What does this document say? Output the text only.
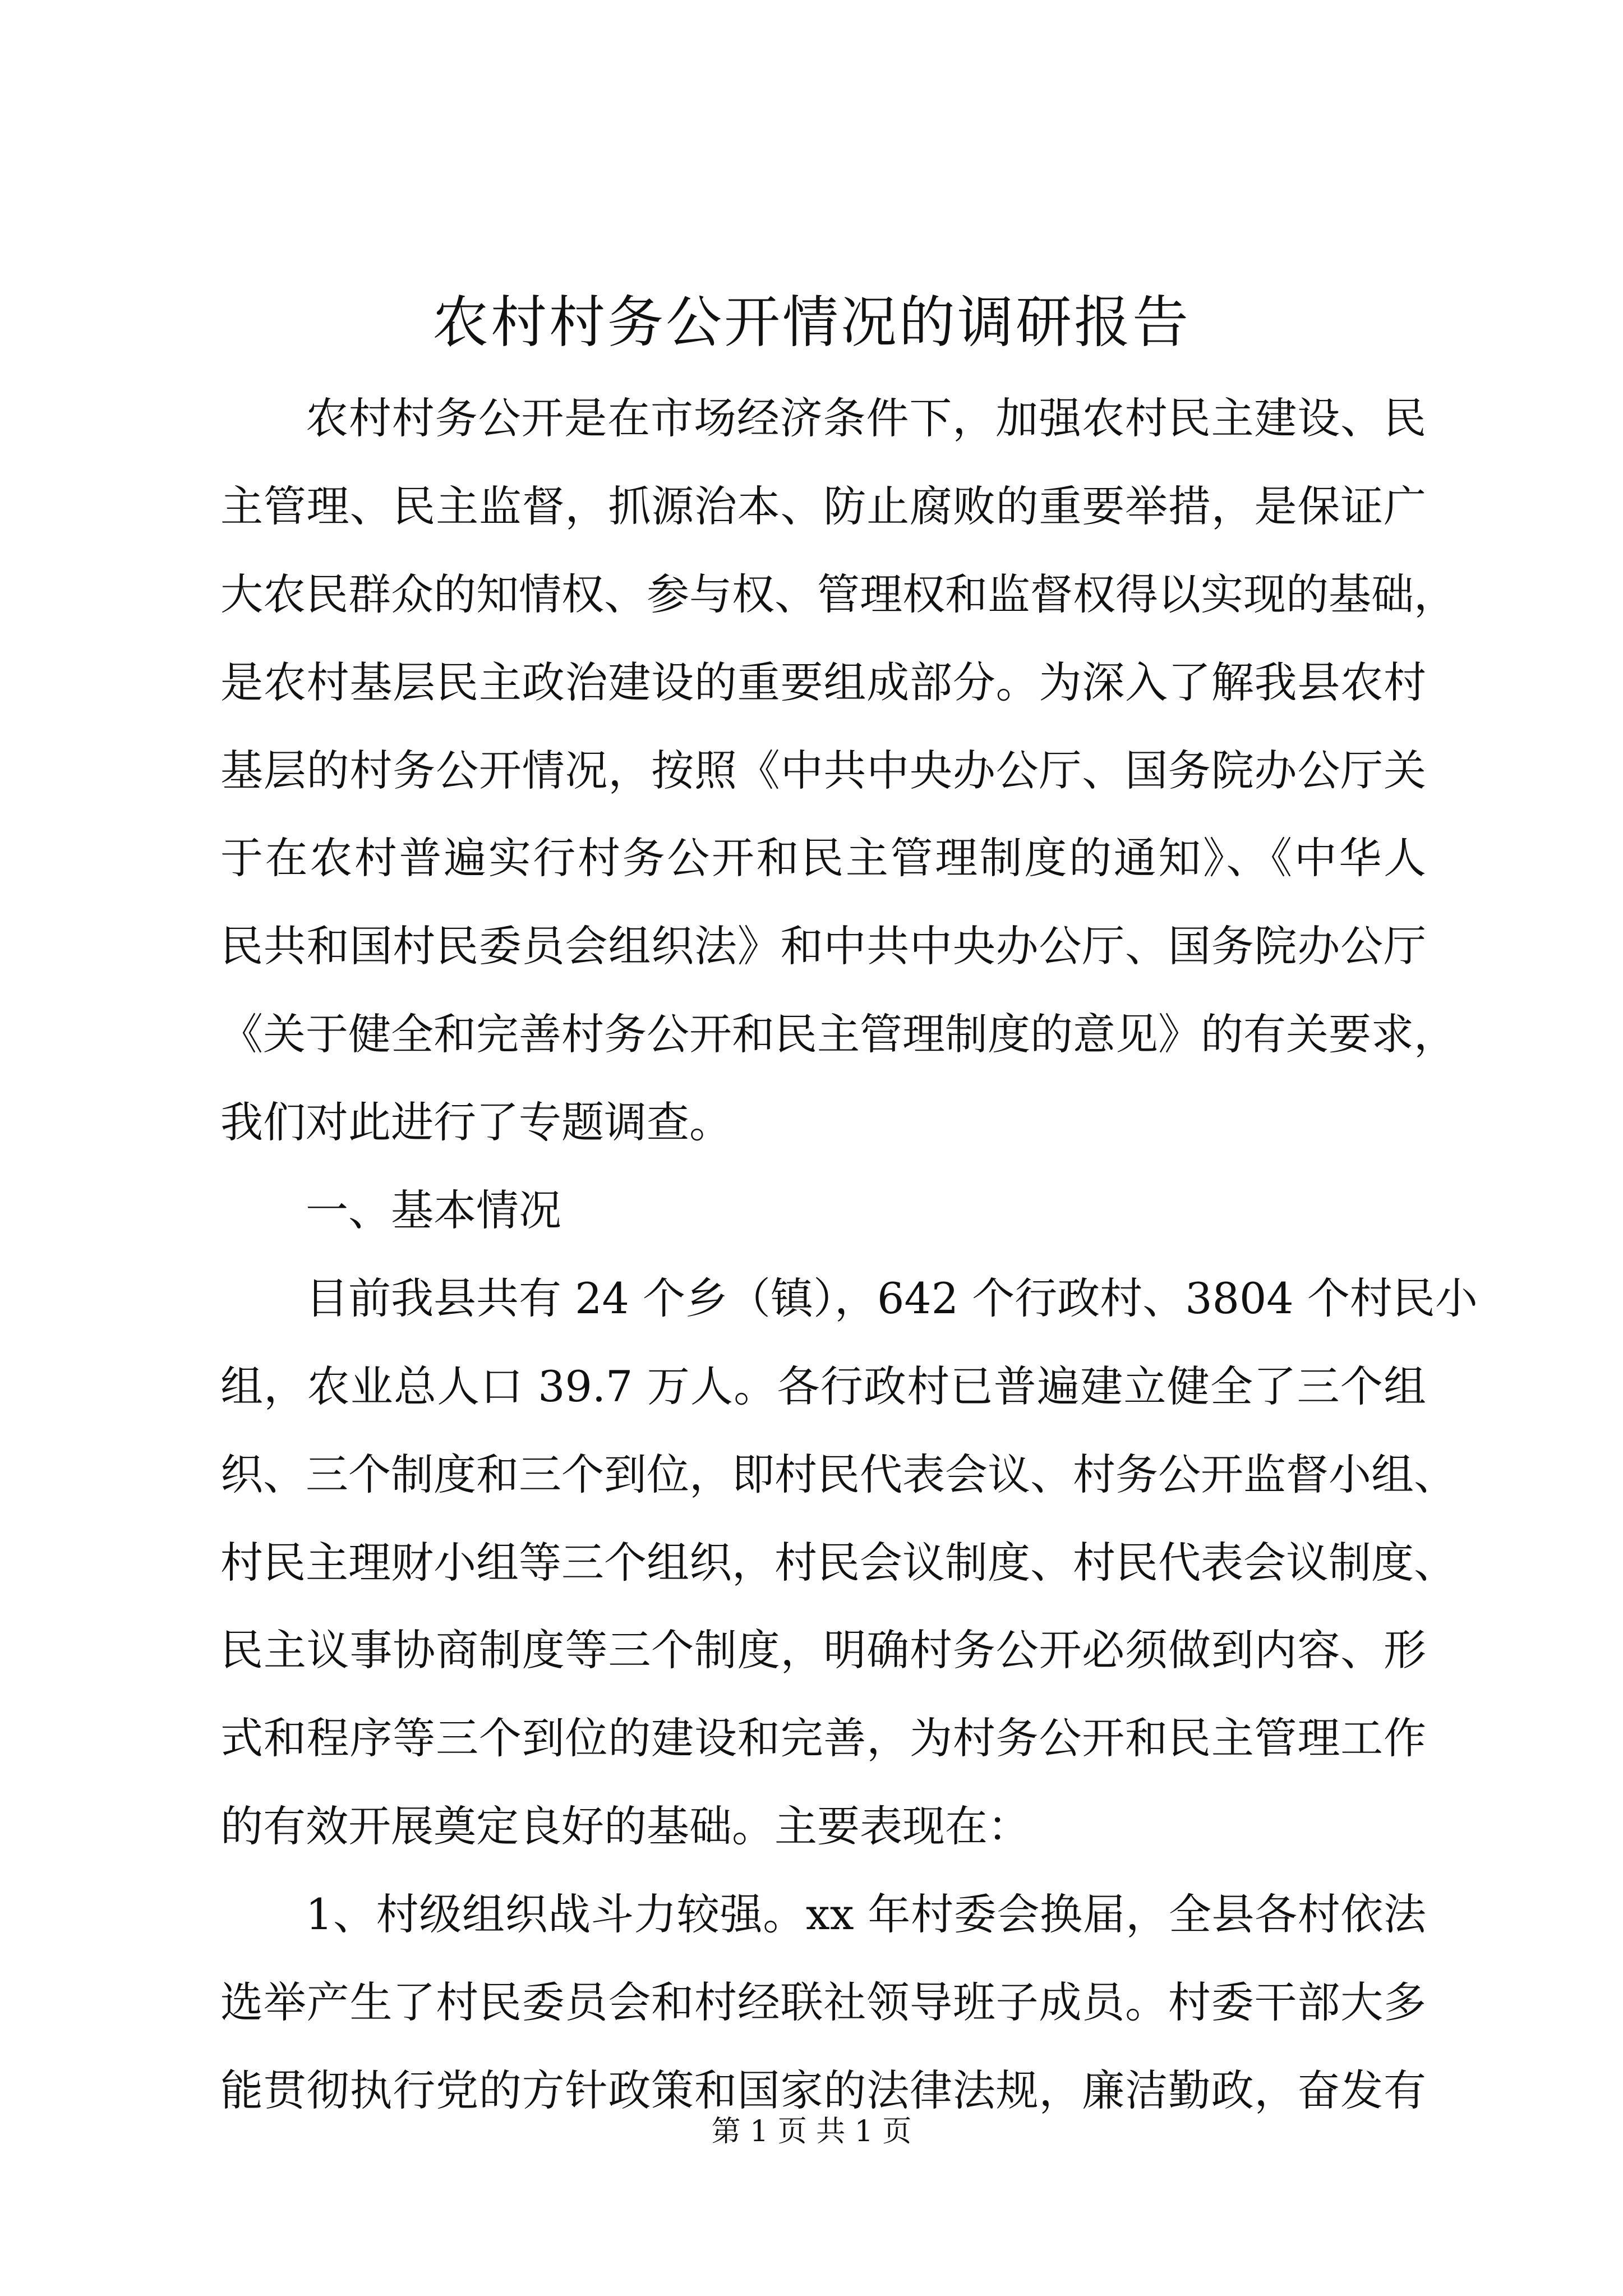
农村村务公开情况的调研报告
农村村务公开是在市场经济条件下，加强农村民主建设、民
主管理、民主监督，抓源治本、防止腐败的重要举措，是保证广
大农民群众的知情权、参与权、管理权和监督权得以实现的基础，
是农村基层民主政治建设的重要组成部分。为深入了解我县农村
基层的村务公开情况，按照《中共中央办公厅、国务院办公厅关
于在农村普遍实行村务公开和民主管理制度的通知》、《中华人
民共和国村民委员会组织法》和中共中央办公厅、国务院办公厅
《关于健全和完善村务公开和民主管理制度的意见》的有关要求，
我们对此进行了专题调查。
一、基本情况
目前我县共有 24 个乡（镇），642 个行政村、3804 个村民小
组，农业总人口 39.7 万人。各行政村已普遍建立健全了三个组
织、三个制度和三个到位，即村民代表会议、村务公开监督小组、
村民主理财小组等三个组织，村民会议制度、村民代表会议制度、
民主议事协商制度等三个制度，明确村务公开必须做到内容、形
式和程序等三个到位的建设和完善，为村务公开和民主管理工作
的有效开展奠定良好的基础。主要表现在：
1、村级组织战斗力较强。xx 年村委会换届，全县各村依法
选举产生了村民委员会和村经联社领导班子成员。村委干部大多
能贯彻执行党的方针政策和国家的法律法规，廉洁勤政，奋发有
第 1 页 共 1 页
